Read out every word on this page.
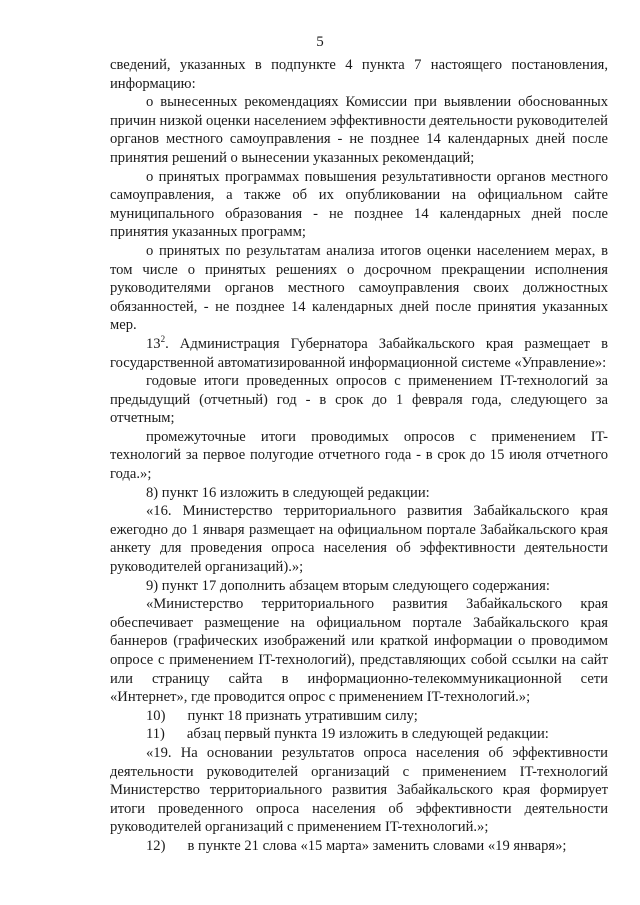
5

сведений, указанных в подпункте 4 пункта 7 настоящего постановления, информацию:

о вынесенных рекомендациях Комиссии при выявлении обоснованных причин низкой оценки населением эффективности деятельности руководителей органов местного самоуправления - не позднее 14 календарных дней после принятия решений о вынесении указанных рекомендаций;

о принятых программах повышения результативности органов местного самоуправления, а также об их опубликовании на официальном сайте муниципального образования - не позднее 14 календарных дней после принятия указанных программ;

о принятых по результатам анализа итогов оценки населением мерах, в том числе о принятых решениях о досрочном прекращении исполнения руководителями органов местного самоуправления своих должностных обязанностей, - не позднее 14 календарных дней после принятия указанных мер.

$13^2$. Администрация Губернатора Забайкальского края размещает в государственной автоматизированной информационной системе «Управление»:

годовые итоги проведенных опросов с применением IT-технологий за предыдущий (отчетный) год - в срок до 1 февраля года, следующего за отчетным;

промежуточные итоги проводимых опросов с применением IT-технологий за первое полугодие отчетного года - в срок до 15 июля отчетного года.»;

8) пункт 16 изложить в следующей редакции:

«16. Министерство территориального развития Забайкальского края ежегодно до 1 января размещает на официальном портале Забайкальского края анкету для проведения опроса населения об эффективности деятельности руководителей организаций).»;

9) пункт 17 дополнить абзацем вторым следующего содержания:

«Министерство территориального развития Забайкальского края обеспечивает размещение на официальном портале Забайкальского края баннеров (графических изображений или краткой информации о проводимом опросе с применением IT-технологий), представляющих собой ссылки на сайт или страницу сайта в информационно-телекоммуникационной сети «Интернет», где проводится опрос с применением IT-технологий.»;

10) пункт 18 признать утратившим силу;

11) абзац первый пункта 19 изложить в следующей редакции:

«19. На основании результатов опроса населения об эффективности деятельности руководителей организаций с применением IT-технологий Министерство территориального развития Забайкальского края формирует итоги проведенного опроса населения об эффективности деятельности руководителей организаций с применением IT-технологий.»;

12) в пункте 21 слова «15 марта» заменить словами «19 января»;
